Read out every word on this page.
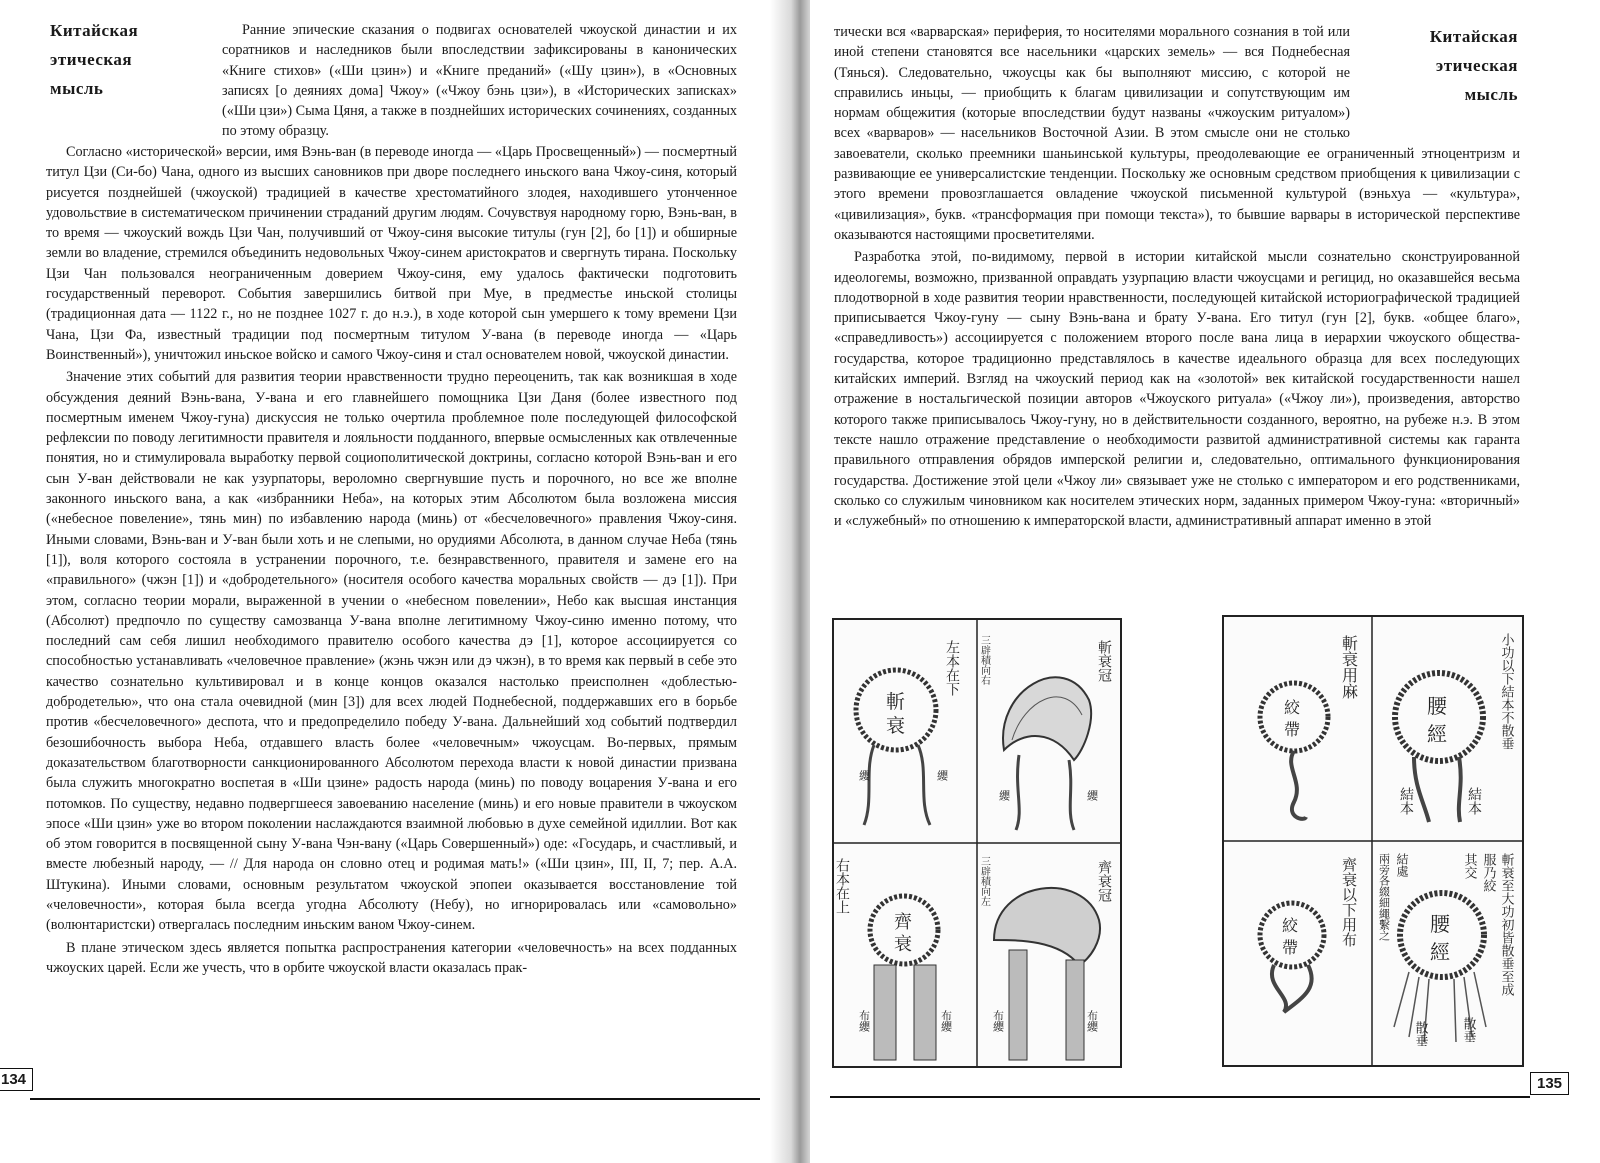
Китайская
этическая
мысль

Ранние эпические сказания о подвигах основателей чжоуской династии и их соратников и наследников были впоследствии зафиксированы в канонических «Книге стихов» («Ши цзин») и «Книге преданий» («Шу цзин»), в «Основных записях [о деяниях дома] Чжоу» («Чжоу бэнь цзи»), в «Исторических записках» («Ши цзи») Сыма Цяня, а также в позднейших исторических сочинениях, созданных по этому образцу.

Согласно «исторической» версии, имя Вэнь-ван (в переводе иногда — «Царь Просвещенный») — посмертный титул Цзи (Си-бо) Чана, одного из высших сановников при дворе последнего иньского вана Чжоу-синя, который рисуется позднейшей (чжоуской) традицией в качестве хрестоматийного злодея, находившего утонченное удовольствие в систематическом причинении страданий другим людям. Сочувствуя народному горю, Вэнь-ван, в то время — чжоуский вождь Цзи Чан, получивший от Чжоу-синя высокие титулы (гун [2], бо [1]) и обширные земли во владение, стремился объединить недовольных Чжоу-синем аристократов и свергнуть тирана. Поскольку Цзи Чан пользовался неограниченным доверием Чжоу-синя, ему удалось фактически подготовить государственный переворот. События завершились битвой при Муе, в предместье иньской столицы (традиционная дата — 1122 г., но не позднее 1027 г. до н.э.), в ходе которой сын умершего к тому времени Цзи Чана, Цзи Фа, известный традиции под посмертным титулом У-вана (в переводе иногда — «Царь Воинственный»), уничтожил иньское войско и самого Чжоу-синя и стал основателем новой, чжоуской династии.

Значение этих событий для развития теории нравственности трудно переоценить, так как возникшая в ходе обсуждения деяний Вэнь-вана, У-вана и его главнейшего помощника Цзи Даня (более известного под посмертным именем Чжоу-гуна) дискуссия не только очертила проблемное поле последующей философской рефлексии по поводу легитимности правителя и лояльности подданного, впервые осмысленных как отвлеченные понятия, но и стимулировала выработку первой социополитической доктрины, согласно которой Вэнь-ван и его сын У-ван действовали не как узурпаторы, вероломно свергнувшие пусть и порочного, но все же вполне законного иньского вана, а как «избранники Неба», на которых этим Абсолютом была возложена миссия («небесное повеление», тянь мин) по избавлению народа (минь) от «бесчеловечного» правления Чжоу-синя. Иными словами, Вэнь-ван и У-ван были хоть и не слепыми, но орудиями Абсолюта, в данном случае Неба (тянь [1]), воля которого состояла в устранении порочного, т.е. безнравственного, правителя и замене его на «правильного» (чжэн [1]) и «добродетельного» (носителя особого качества моральных свойств — дэ [1]). При этом, согласно теории морали, выраженной в учении о «небесном повелении», Небо как высшая инстанция (Абсолют) предпочло по существу самозванца У-вана вполне легитимному Чжоу-синю именно потому, что последний сам себя лишил необходимого правителю особого качества дэ [1], которое ассоциируется со способностью устанавливать «человечное правление» (жэнь чжэн или дэ чжэн), в то время как первый в себе это качество сознательно культивировал и в конце концов оказался настолько преисполнен «доблестью-добродетелью», что она стала очевидной (мин [3]) для всех людей Поднебесной, поддержавших его в борьбе против «бесчеловечного» деспота, что и предопределило победу У-вана. Дальнейший ход событий подтвердил безошибочность выбора Неба, отдавшего власть более «человечным» чжоусцам. Во-первых, прямым доказательством благотворности санкционированного Абсолютом перехода власти к новой династии призвана была служить многократно воспетая в «Ши цзине» радость народа (минь) по поводу воцарения У-вана и его потомков. По существу, недавно подвергшееся завоеванию население (минь) и его новые правители в чжоуском эпосе «Ши цзин» уже во втором поколении наслаждаются взаимной любовью в духе семейной идиллии. Вот как об этом говорится в посвященной сыну У-вана Чэн-вану («Царь Совершенный») оде: «Государь, и счастливый, и вместе любезный народу, — // Для народа он словно отец и родимая мать!» («Ши цзин», III, II, 7; пер. А.А. Штукина). Иными словами, основным результатом чжоуской эпопеи оказывается восстановление той «человечности», которая была всегда угодна Абсолюту (Небу), но игнорировалась или «самовольно» (волюнтаристски) отвергалась последним иньским ваном Чжоу-синем.

В плане этическом здесь является попытка распространения категории «человечность» на всех подданных чжоуских царей. Если же учесть, что в орбите чжоуской власти оказалась прак-

134
Китайская
этическая
мысль

тически вся «варварская» периферия, то носителями морального сознания в той или иной степени становятся все насельники «царских земель» — вся Поднебесная (Тянься). Следовательно, чжоусцы как бы выполняют миссию, с которой не справились иньцы, — приобщить к благам цивилизации и сопутствующим им нормам общежития (которые впоследствии будут названы «чжоуским ритуалом») всех «варваров» — насельников Восточной Азии. В этом смысле они не столько завоеватели, сколько преемники шаньинськой культуры, преодолевающие ее ограниченный этноцентризм и развивающие ее универсалистские тенденции. Поскольку же основным средством приобщения к цивилизации с этого времени провозглашается овладение чжоуской письменной культурой (вэньхуа — «культура», «цивилизация», букв. «трансформация при помощи текста»), то бывшие варвары в исторической перспективе оказываются настоящими просветителями.

Разработка этой, по-видимому, первой в истории китайской мысли сознательно сконструированной идеологемы, возможно, призванной оправдать узурпацию власти чжоусцами и регицид, но оказавшейся весьма плодотворной в ходе развития теории нравственности, последующей китайской историографической традицией приписывается Чжоу-гуну — сыну Вэнь-вана и брату У-вана. Его титул (гун [2], букв. «общее благо», «справедливость») ассоциируется с положением второго после вана лица в иерархии чжоуского общества-государства, которое традиционно представлялось в качестве идеального образца для всех последующих китайских империй. Взгляд на чжоуский период как на «золотой» век китайской государственности нашел отражение в ностальгической позиции авторов «Чжоуского ритуала» («Чжоу ли»), произведения, авторство которого также приписывалось Чжоу-гуну, но в действительности созданного, вероятно, на рубеже н.э. В этом тексте нашло отражение представление о необходимости развитой административной системы как гаранта правильного отправления обрядов имперской религии и, следовательно, оптимального функционирования государства. Достижение этой цели «Чжоу ли» связывает уже не столько с императором и его родственниками, сколько со служилым чиновником как носителем этических норм, заданных примером Чжоу-гуна: «вторичный» и «служебный» по отношению к императорской власти, административный аппарат именно в этой

斬
衰
左本在下
纓	纓
斬衰冠
三辟積向右
纓	纓
齊
衰
右本在上
布纓	布纓
齊衰冠
三辟積向左
布纓	布纓
斬衰用麻
絞
帶
腰
經	小功以下結本不散垂
結本
結本
齊衰以下用布
絞
帶
腰
經	斬衰至大功初皆散垂至成
服乃絞
其交
結處
兩旁各綴細繩繫之
散垂
散垂
135
